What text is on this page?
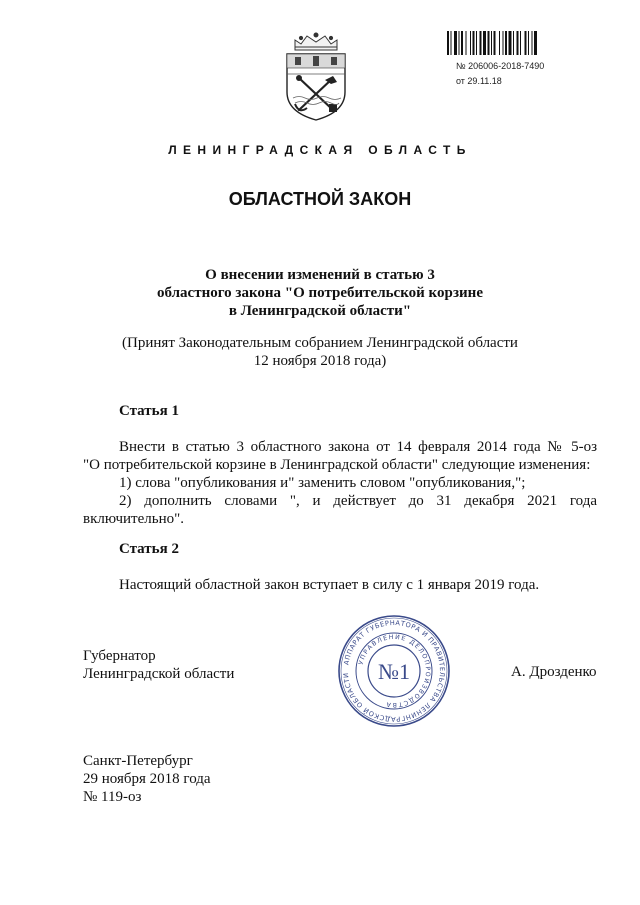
№ 206006-2018-7490
от 29.11.18
ЛЕНИНГРАДСКАЯ ОБЛАСТЬ
ОБЛАСТНОЙ ЗАКОН
О внесении изменений в статью 3
областного закона "О потребительской корзине
в Ленинградской области"
(Принят Законодательным собранием Ленинградской области
12 ноября 2018 года)
Статья 1
Внести в статью 3 областного закона от 14 февраля 2014 года № 5-оз
"О потребительской корзине в Ленинградской области" следующие изменения:
1) слова "опубликования и" заменить словом "опубликования,";
2) дополнить словами ", и действует до 31 декабря 2021 года
включительно".
Статья 2
Настоящий областной закон вступает в силу с 1 января 2019 года.
Губернатор
Ленинградской области
АППАРАТ ГУБЕРНАТОРА И ПРАВИТЕЛЬСТВА ЛЕНИНГРАДСКОЙ ОБЛАСТИ
УПРАВЛЕНИЕ ДЕЛОПРОИЗВОДСТВА
№1	А. Дрозденко
Санкт-Петербург
29 ноября 2018 года
№ 119-оз
